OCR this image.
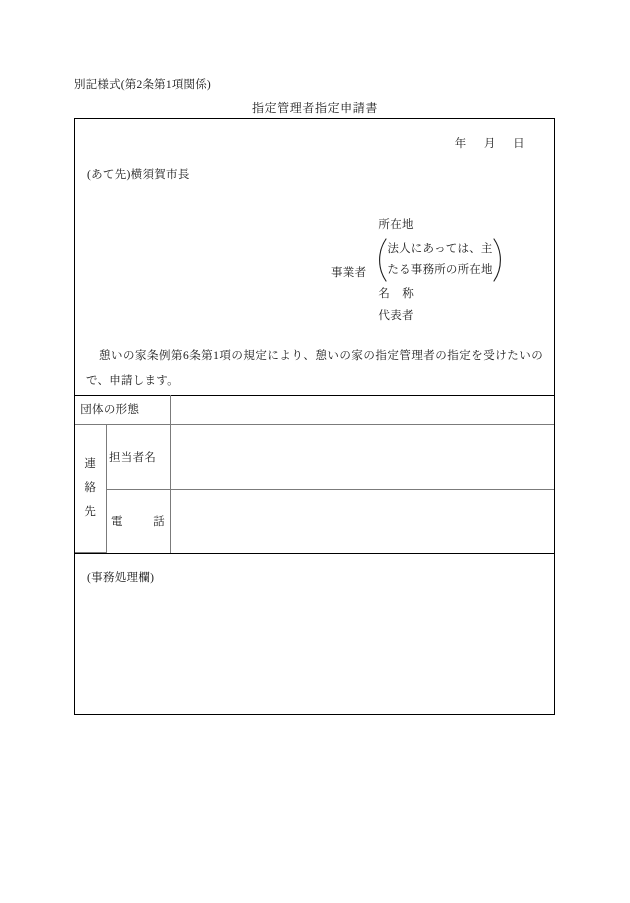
別記様式(第2条第1項関係)
指定管理者指定申請書
年 月 日
(あて先)横須賀市長
事業者
所在地
法人にあっては、主
たる事務所の所在地
名 称
代表者
憩いの家条例第6条第1項の規定により、憩いの家の指定管理者の指定を受けたいので、申請します。
団体の形態		

連
絡
先	担当者名	

	電 話	

(事務処理欄)
